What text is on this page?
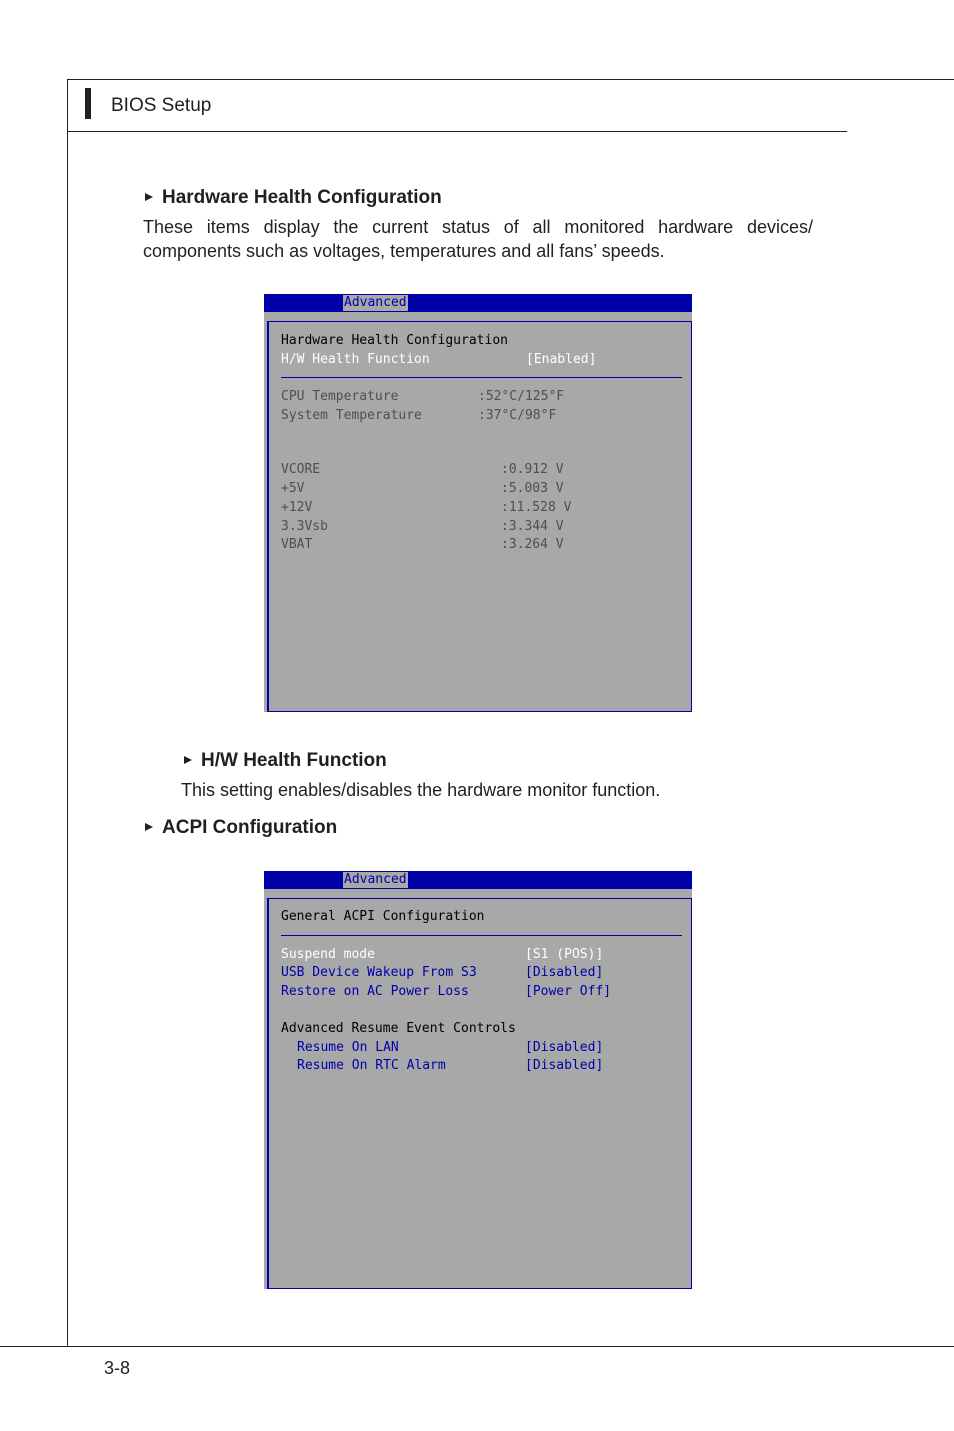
BIOS Setup
Hardware Health Configuration
These items display the current status of all monitored hardware devices/ components such as voltages, temperatures and all fans’ speeds.
Advanced
Hardware Health Configuration
H/W Health Function	[Enabled]
CPU Temperature	:52°C/125°F
System Temperature	:37°C/98°F
VCORE	:0.912 V
+5V	:5.003 V
+12V	:11.528 V
3.3Vsb	:3.344 V
VBAT	:3.264 V
H/W Health Function
This setting enables/disables the hardware monitor function.
ACPI Configuration
Advanced
General ACPI Configuration
Suspend mode	[S1 (POS)]
USB Device Wakeup From S3	[Disabled]
Restore on AC Power Loss	[Power Off]
Advanced Resume Event Controls
Resume On LAN	[Disabled]
Resume On RTC Alarm	[Disabled]
3-8
